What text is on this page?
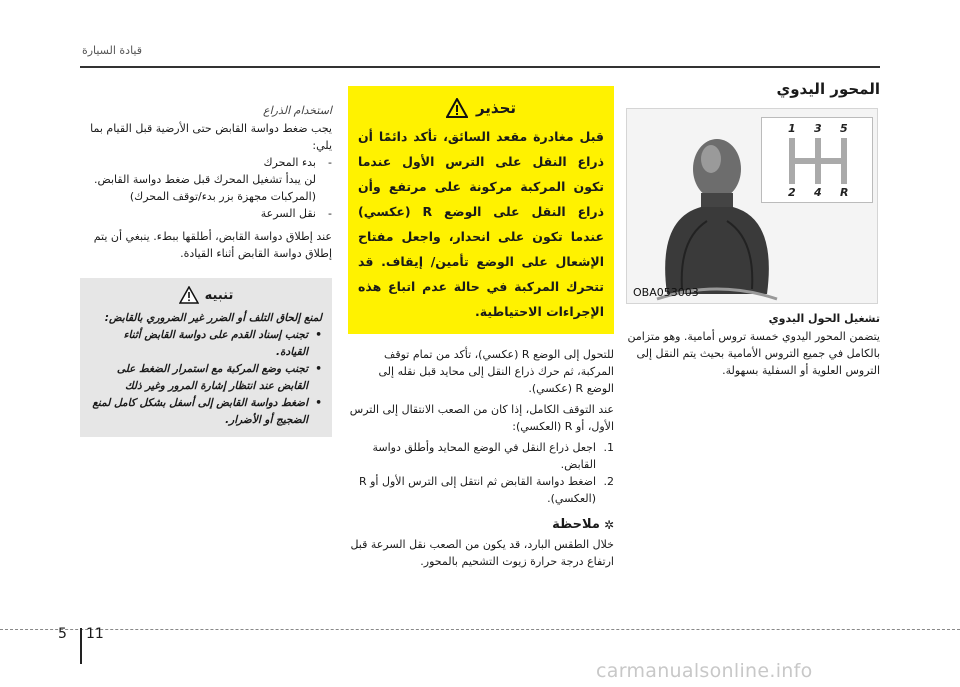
قيادة السيارة
المحور اليدوي
1 3 5
2 4 R
OBA053003
تشغيل الحول اليدوي
يتضمن المحور اليدوي خمسة تروس أمامية. وهو متزامن بالكامل في جميع التروس الأمامية بحيث يتم النقل إلى التروس العلوية أو السفلية بسهولة.
تحذير
قبل مغادرة مقعد السائق، تأكد دائمًا أن ذراع النقل على الترس الأول عندما تكون المركبة مركونة على مرتفع وأن ذراع النقل على الوضع R (عكسي) عندما تكون على انحدار، واجعل مفتاح الإشعال على الوضع تأمين/ إيقاف. قد تتحرك المركبة في حالة عدم اتباع هذه الإجراءات الاحتياطية.
للتحول إلى الوضع R (عكسي)، تأكد من تمام توقف المركبة، ثم حرك ذراع النقل إلى محايد قبل نقله إلى الوضع R (عكسي).
عند التوقف الكامل، إذا كان من الصعب الانتقال إلى الترس الأول، أو R (العكسي):
1.
اجعل ذراع النقل في الوضع المحايد وأطلق دواسة القابض.
2.
اضغط دواسة القابض ثم انتقل إلى الترس الأول أو R (العكسي).
✲
ملاحظة
خلال الطقس البارد، قد يكون من الصعب نقل السرعة قبل ارتفاع درجة حرارة زيوت التشحيم بالمحور.
استخدام الذراع
يجب ضغط دواسة القابض حتى الأرضية قبل القيام بما يلي:
-
بدء المحرك
لن يبدأ تشغيل المحرك قبل ضغط دواسة القابض.
(المركبات مجهزة بزر بدء/توقف المحرك)
-
نقل السرعة
عند إطلاق دواسة القابض، أطلقها ببطء. ينبغي أن يتم إطلاق دواسة القابض أثناء القيادة.
تنبيه
لمنع إلحاق التلف أو الضرر غير الضروري بالقابض:
•
تجنب إسناد القدم على دواسة القابض أثناء القيادة.
•
تجنب وضع المركبة مع استمرار الضغط على القابض عند انتظار إشارة المرور وغير ذلك
•
اضغط دواسة القابض إلى أسفل بشكل كامل لمنع الضجيج أو الأضرار.
5 11
carmanualsonline.info
